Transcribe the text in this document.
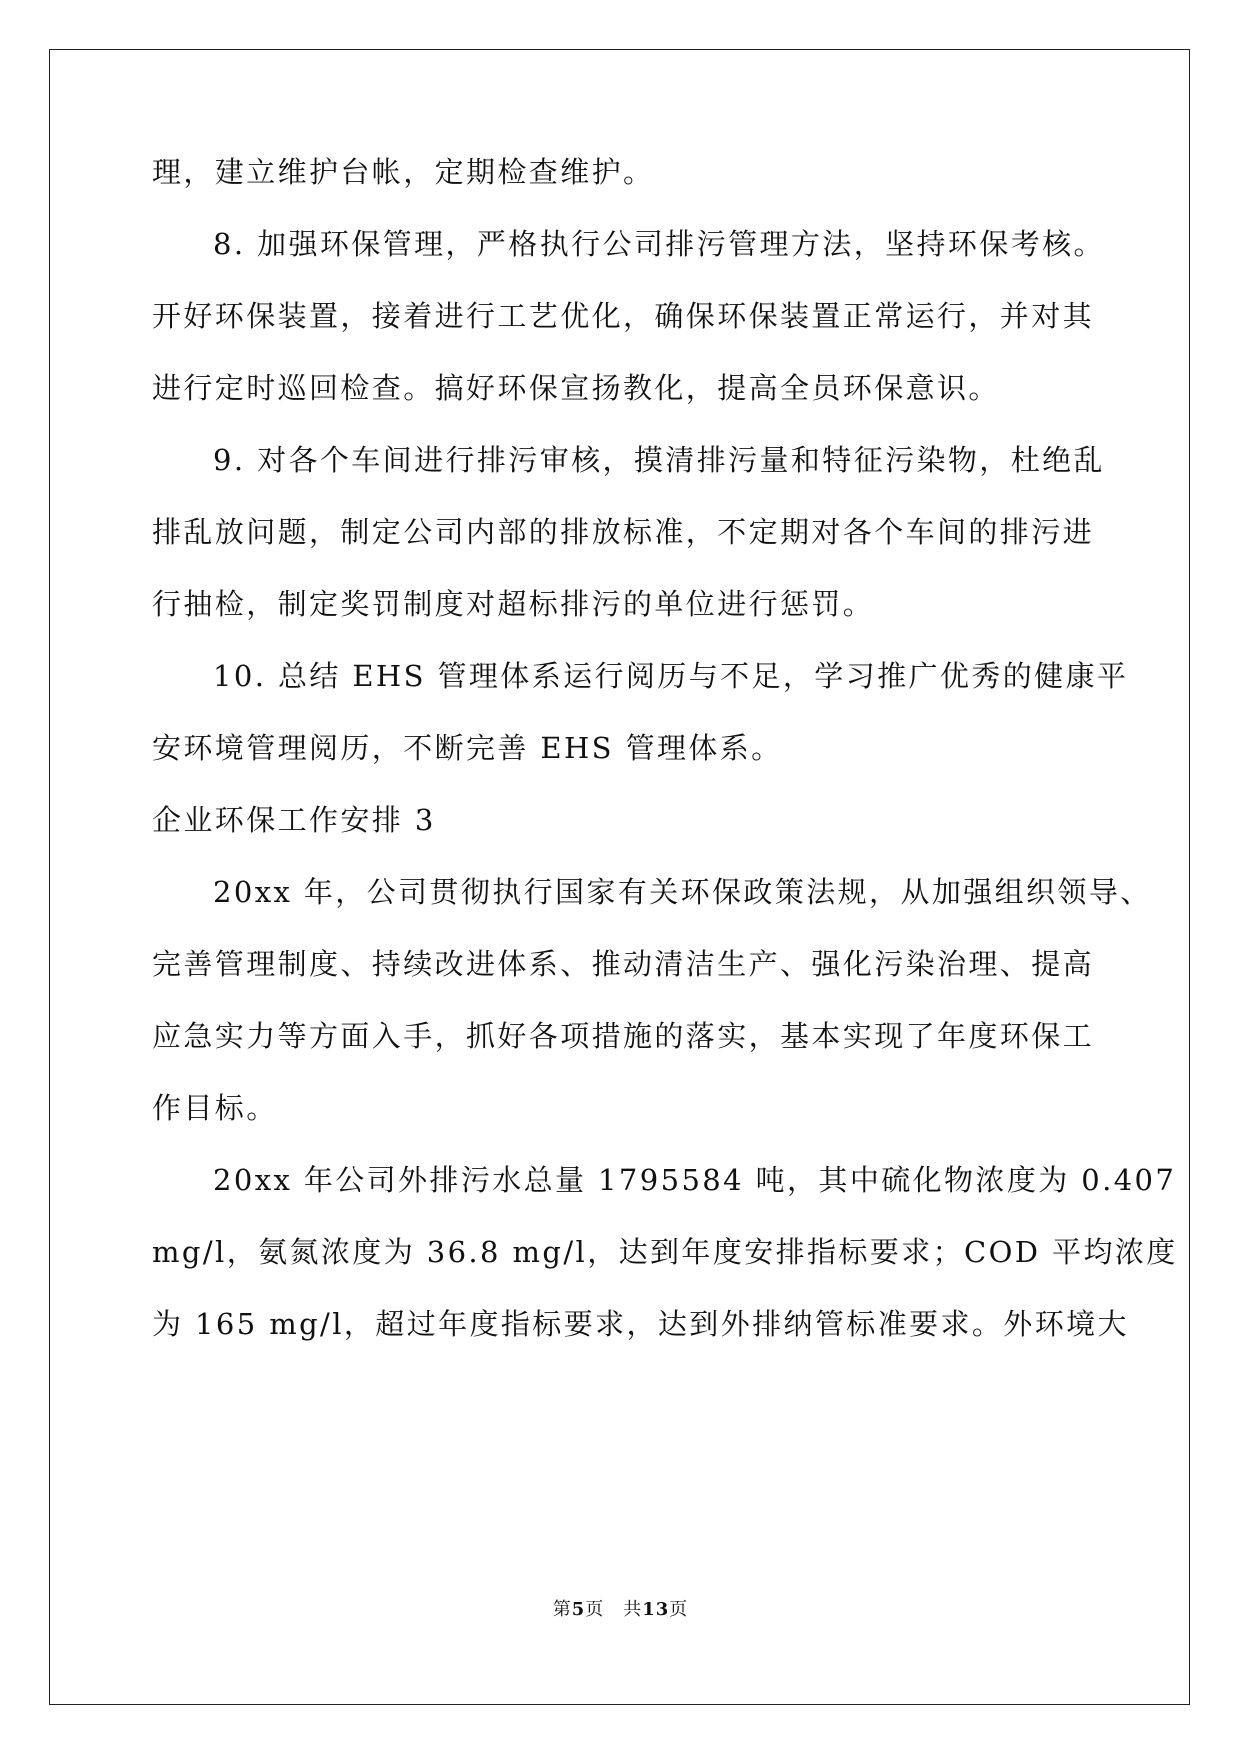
理，建立维护台帐，定期检查维护。
8. 加强环保管理，严格执行公司排污管理方法，坚持环保考核。
开好环保装置，接着进行工艺优化，确保环保装置正常运行，并对其
进行定时巡回检查。搞好环保宣扬教化，提高全员环保意识。
9. 对各个车间进行排污审核，摸清排污量和特征污染物，杜绝乱
排乱放问题，制定公司内部的排放标准，不定期对各个车间的排污进
行抽检，制定奖罚制度对超标排污的单位进行惩罚。
10. 总结 EHS 管理体系运行阅历与不足，学习推广优秀的健康平
安环境管理阅历，不断完善 EHS 管理体系。
企业环保工作安排 3
20xx 年，公司贯彻执行国家有关环保政策法规，从加强组织领导、
完善管理制度、持续改进体系、推动清洁生产、强化污染治理、提高
应急实力等方面入手，抓好各项措施的落实，基本实现了年度环保工
作目标。
20xx 年公司外排污水总量 1795584 吨，其中硫化物浓度为 0.407
mg/l，氨氮浓度为 36.8 mg/l，达到年度安排指标要求；COD 平均浓度
为 165 mg/l，超过年度指标要求，达到外排纳管标准要求。外环境大
第5页　共13页
